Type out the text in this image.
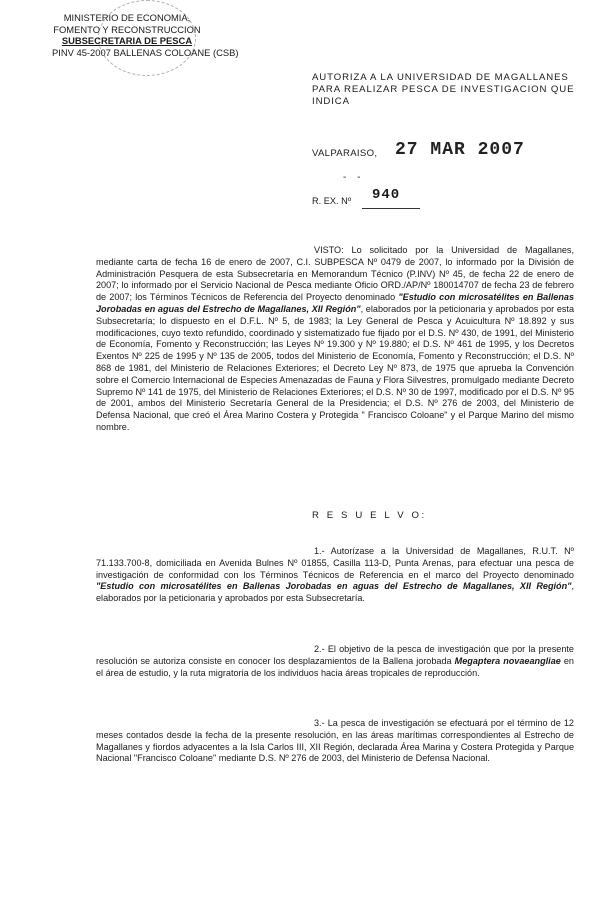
MINISTERIO DE ECONOMIA,
FOMENTO Y RECONSTRUCCION
SUBSECRETARIA DE PESCA
PINV 45-2007 BALLENAS COLOANE (CSB)
AUTORIZA A LA UNIVERSIDAD DE MAGALLANES PARA REALIZAR PESCA DE INVESTIGACION QUE INDICA
VALPARAISO, 27 MAR 2007
- -
R. EX. Nº 940
VISTO: Lo solicitado por la Universidad de Magallanes, mediante carta de fecha 16 de enero de 2007, C.I. SUBPESCA Nº 0479 de 2007, lo informado por la División de Administración Pesquera de esta Subsecretaría en Memorandum Técnico (P.INV) Nº 45, de fecha 22 de enero de 2007; lo informado por el Servicio Nacional de Pesca mediante Oficio ORD./AP/Nº 180014707 de fecha 23 de febrero de 2007; los Términos Técnicos de Referencia del Proyecto denominado "Estudio con microsatélites en Ballenas Jorobadas en aguas del Estrecho de Magallanes, XII Región", elaborados por la peticionaria y aprobados por esta Subsecretaría; lo dispuesto en el D.F.L. Nº 5, de 1983; la Ley General de Pesca y Acuicultura Nº 18.892 y sus modificaciones, cuyo texto refundido, coordinado y sistematizado fue fijado por el D.S. Nº 430, de 1991, del Ministerio de Economía, Fomento y Reconstrucción; las Leyes Nº 19.300 y Nº 19.880; el D.S. Nº 461 de 1995, y los Decretos Exentos Nº 225 de 1995 y Nº 135 de 2005, todos del Ministerio de Economía, Fomento y Reconstrucción; el D.S. Nº 868 de 1981, del Ministerio de Relaciones Exteriores; el Decreto Ley Nº 873, de 1975 que aprueba la Convención sobre el Comercio Internacional de Especies Amenazadas de Fauna y Flora Silvestres, promulgado mediante Decreto Supremo Nº 141 de 1975, del Ministerio de Relaciones Exteriores; el D.S. Nº 30 de 1997, modificado por el D.S. Nº 95 de 2001, ambos del Ministerio Secretaría General de la Presidencia; el D.S. Nº 276 de 2003, del Ministerio de Defensa Nacional, que creó el Área Marino Costera y Protegida " Francisco Coloane" y el Parque Marino del mismo nombre.
R E S U E L V O:
1.- Autorízase a la Universidad de Magallanes, R.U.T. Nº 71.133.700-8, domiciliada en Avenida Bulnes Nº 01855, Casilla 113-D, Punta Arenas, para efectuar una pesca de investigación de conformidad con los Términos Técnicos de Referencia en el marco del Proyecto denominado "Estudio con microsatélites en Ballenas Jorobadas en aguas del Estrecho de Magallanes, XII Región", elaborados por la peticionaria y aprobados por esta Subsecretaría.
2.- El objetivo de la pesca de investigación que por la presente resolución se autoriza consiste en conocer los desplazamientos de la Ballena jorobada Megaptera novaeangliae en el área de estudio, y la ruta migratoria de los individuos hacia áreas tropicales de reproducción.
3.- La pesca de investigación se efectuará por el término de 12 meses contados desde la fecha de la presente resolución, en las áreas marítimas correspondientes al Estrecho de Magallanes y fiordos adyacentes a la Isla Carlos III, XII Región, declarada Área Marina y Costera Protegida y Parque Nacional "Francisco Coloane" mediante D.S. Nº 276 de 2003, del Ministerio de Defensa Nacional.
